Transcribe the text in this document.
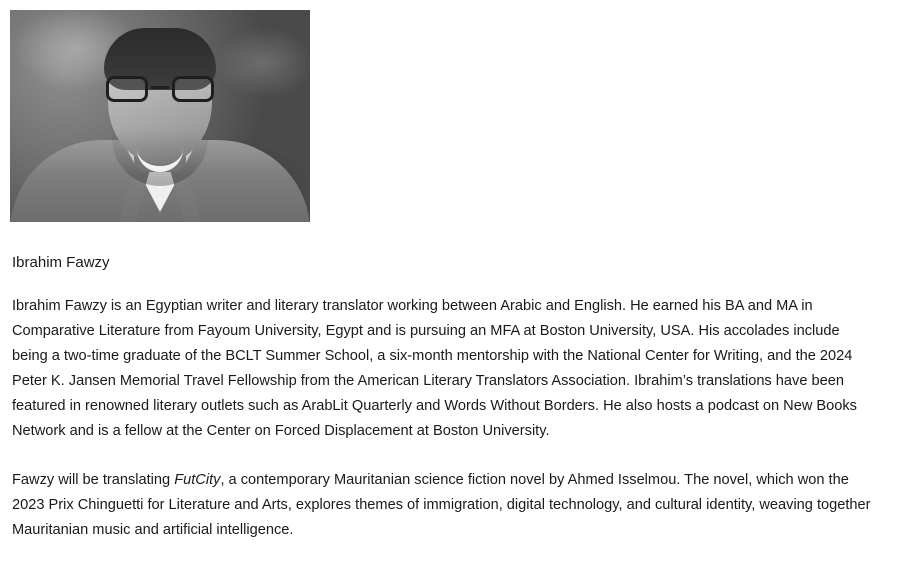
Ibrahim Fawzy

Ibrahim Fawzy is an Egyptian writer and literary translator working between Arabic and English. He earned his BA and MA in Comparative Literature from Fayoum University, Egypt and is pursuing an MFA at Boston University, USA. His accolades include being a two-time graduate of the BCLT Summer School, a six-month mentorship with the National Center for Writing, and the 2024 Peter K. Jansen Memorial Travel Fellowship from the American Literary Translators Association. Ibrahim’s translations have been featured in renowned literary outlets such as ArabLit Quarterly and Words Without Borders. He also hosts a podcast on New Books Network and is a fellow at the Center on Forced Displacement at Boston University.

Fawzy will be translating FutCity, a contemporary Mauritanian science fiction novel by Ahmed Isselmou. The novel, which won the 2023 Prix Chinguetti for Literature and Arts, explores themes of immigration, digital technology, and cultural identity, weaving together Mauritanian music and artificial intelligence.
